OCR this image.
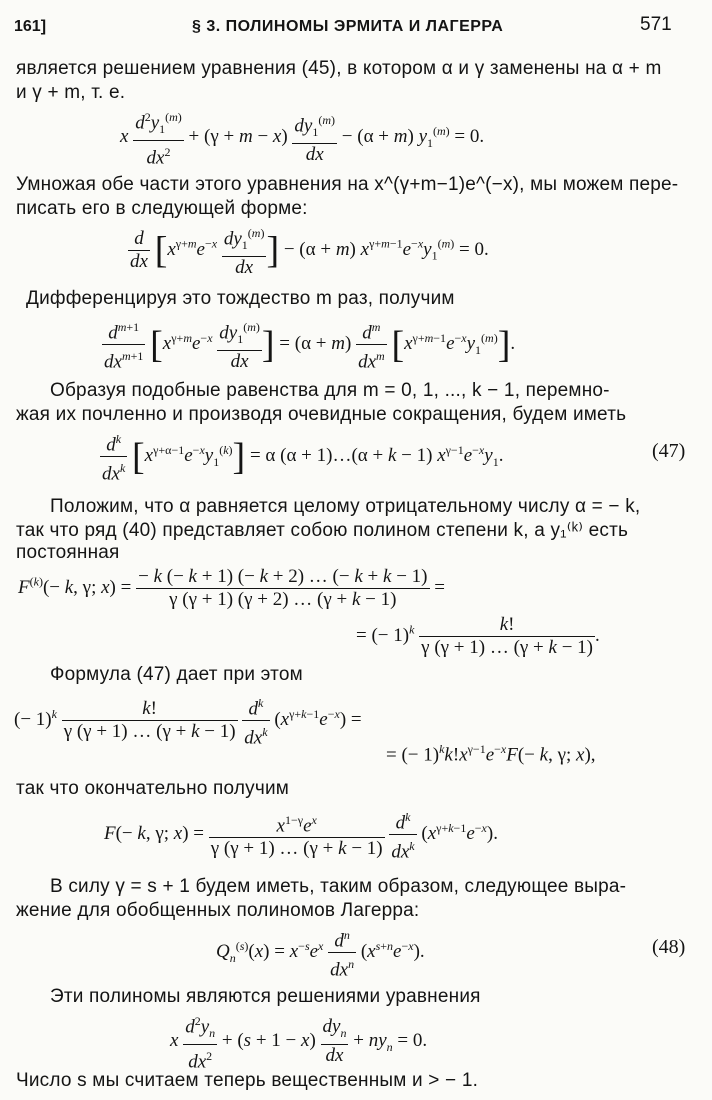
161]	§ 3. ПОЛИНОМЫ ЭРМИТА И ЛАГЕРРА	571
является решением уравнения (45), в котором α и γ заменены на α + m
и γ + m, т. е.
x $\frac{d^2y_1^{(m)}}{dx^2} + (\gamma + m - x) \frac{dy_1^{(m)}}{dx} - (\alpha + m) y_1^{(m)} = 0$.
Умножая обе части этого уравнения на x^(γ+m−1)e^(−x), мы можем пере-
писать его в следующей форме:
$\frac{d}{dx} [x^{\gamma+m}e^{-x} \frac{dy_1^{(m)}}{dx}$ ] − (α + m) $x^{\gamma+m-1}e^{-x}y_1^{(m)} = 0$.
Дифференцируя это тождество m раз, получим
$\frac{d^{m+1}}{dx^{m+1}} [x^{\gamma+m}e^{-x} \frac{dy_1^{(m)}}{dx}$ ] = $(\alpha + m) \frac{d^m}{dx^m} [x^{\gamma+m-1}e^{-x}y_1^{(m)}]$.
Образуя подобные равенства для m = 0, 1, ..., k − 1, перемно-
жая их почленно и производя очевидные сокращения, будем иметь
$\frac{d^k}{dx^k} [x^{\gamma+\alpha-1}e^{-x}y_1^{(k)}] = \alpha$ (α + 1)…(α + k − 1) $x^{\gamma-1}e^{-x}y_1$.	(47)
Положим, что α равняется целому отрицательному числу α = − k,
так что ряд (40) представляет собою полином степени k, а y₁⁽ᵏ⁾ есть
постоянная
$F^{(k)}(- k$, γ; $x) = \frac{- k (- k + 1) (- k + 2) \dots (- k + k - 1)}{\gamma (\gamma + 1) (\gamma + 2) \dots (\gamma + k - 1)}$ =
= (− $1)^k \frac{k!}{\gamma (\gamma + 1) \dots (\gamma + k - 1)}$ .
Формула (47) дает при этом
(− $1)^k \frac{k!}{\gamma (\gamma + 1) \dots (\gamma + k - 1)}$
$\frac{d^k}{dx^k} (x^{\gamma+k-1}e^{-x})$ =
= (− $1)^kk!x^{\gamma-1}e^{-x}F(- k$, γ; x),
так что окончательно получим
F(− k, γ; $x) = \frac{x^{1-\gamma}e^x}{\gamma (\gamma + 1) \dots (\gamma + k - 1)}$
$\frac{d^k}{dx^k} (x^{\gamma+k-1}e^{-x})$.
В силу γ = s + 1 будем иметь, таким образом, следующее выра-
жение для обобщенных полиномов Лагерра:
$Q_n^{(s)}(x) = x^{-s}e^x \frac{d^n}{dx^n} (x^{s+n}e^{-x})$.	(48)
Эти полиномы являются решениями уравнения
x $\frac{d^2y_n}{dx^2} + (s + 1 - x) \frac{dy_n}{dx} + ny_n = 0$.
Число s мы считаем теперь вещественным и > − 1.
